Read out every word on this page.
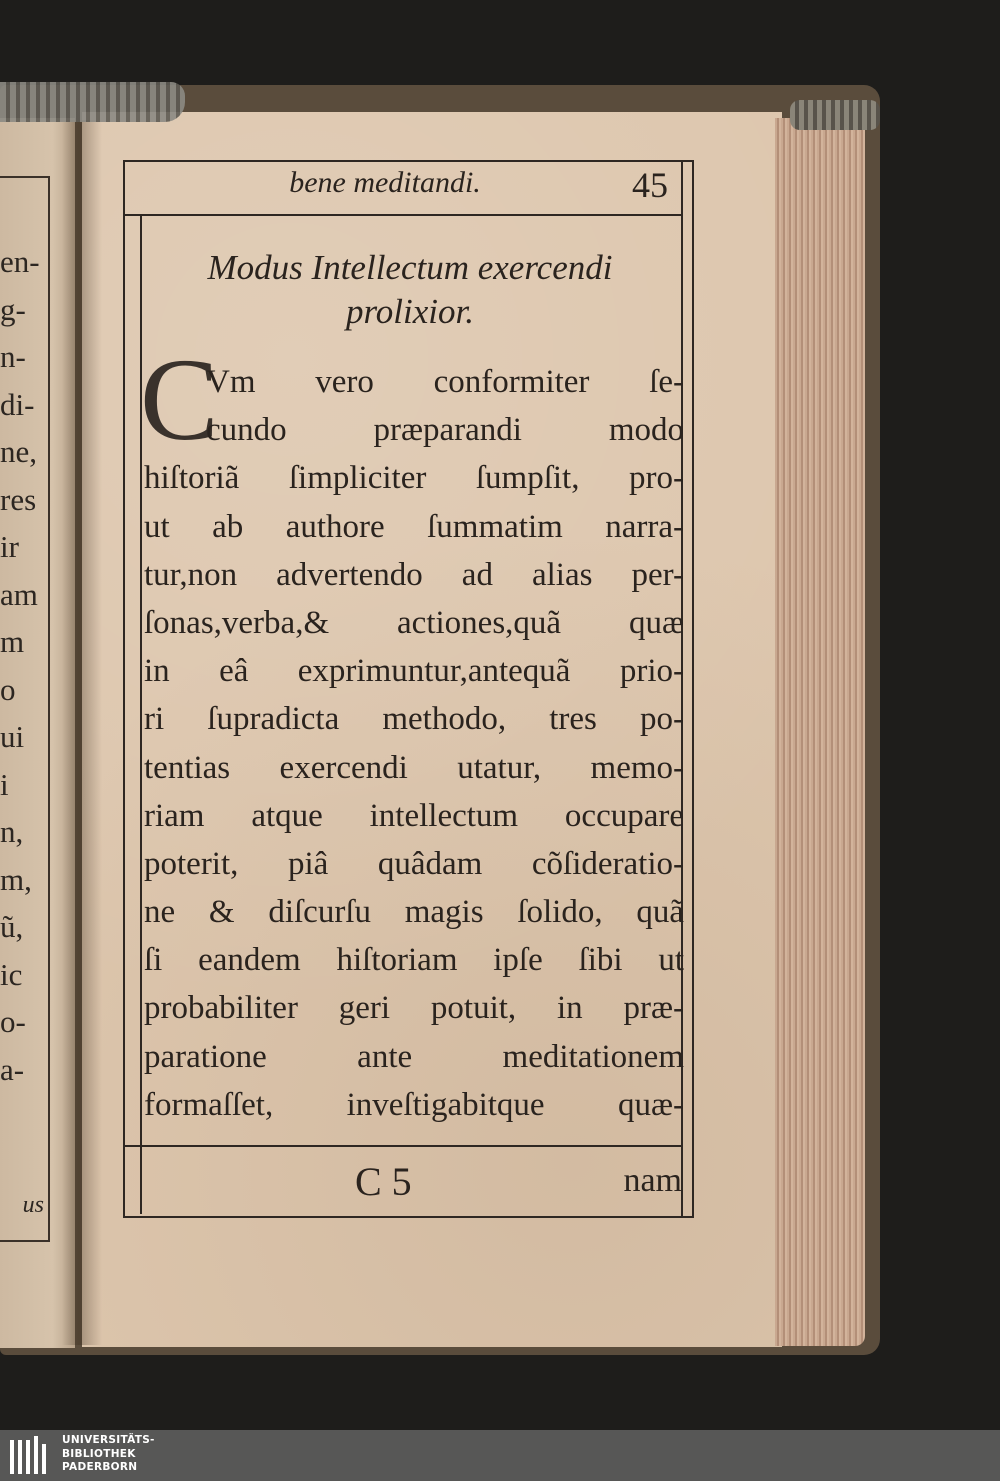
en-
g-
n-
di-
ne,
res
ir
am
m
o
ui
i
n,
m,
ũ,
ic
o-
a-
us
bene meditandi.	45
Modus Intellectum exercendi
prolixior.
C
Vm vero conformiter ſe-
cundo præparandi modo
hiſtoriã ſimpliciter ſumpſit, pro-
ut ab authore ſummatim narra-
tur,non advertendo ad alias per-
ſonas,verba,& actiones,quã quæ
in eâ exprimuntur,antequã prio-
ri ſupradicta methodo, tres po-
tentias exercendi utatur, memo-
riam atque intellectum occupare
poterit, piâ quâdam cõſideratio-
ne & diſcurſu magis ſolido, quã
ſi eandem hiſtoriam ipſe ſibi ut
probabiliter geri potuit, in præ-
paratione ante meditationem
formaſſet, inveſtigabitque quæ-
C 5	nam
UNIVERSITÄTS-
BIBLIOTHEK
PADERBORN
